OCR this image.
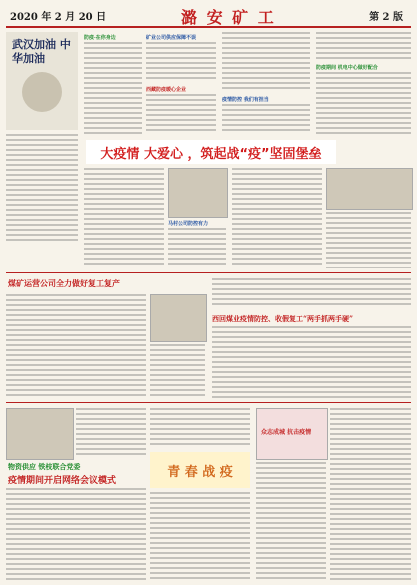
2020 年 2 月 20 日	潞 安 矿 工	第 2 版
武汉加油 中华加油
防疫·在你身边	矿业公司供应保障不误
西藏防疫暖心企业
疫情防控 我们有担当
防疫期间 机电中心做好配合
大疫情 大爱心 ，筑起战“疫”坚固堡垒
马村公司防控有力
煤矿运营公司全力做好复工复产
西回煤业疫情防控、收假复工“两手抓两手硬”
物资供应 铁枝联合党委
疫情期间开启网络会议模式
青 春 战 疫
众志成城 抗击疫情
